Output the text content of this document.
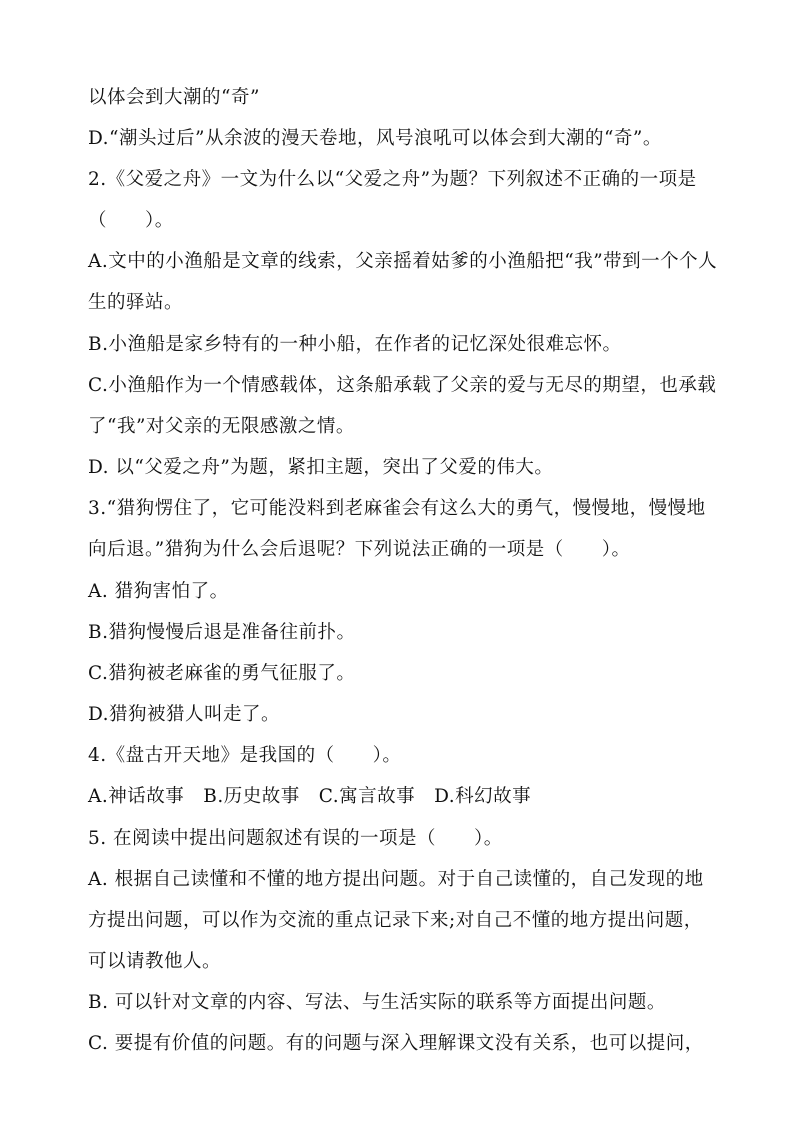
以体会到大潮的“奇”
D.“潮头过后”从余波的漫天卷地，风号浪吼可以体会到大潮的“奇”。
2.《父爱之舟》一文为什么以“父爱之舟”为题？下列叙述不正确的一项是
（　　）。
A.文中的小渔船是文章的线索，父亲摇着姑爹的小渔船把“我”带到一个个人
生的驿站。
B.小渔船是家乡特有的一种小船，在作者的记忆深处很难忘怀。
C.小渔船作为一个情感载体，这条船承载了父亲的爱与无尽的期望，也承载
了“我”对父亲的无限感激之情。
D. 以“父爱之舟”为题，紧扣主题，突出了父爱的伟大。
3.“猎狗愣住了，它可能没料到老麻雀会有这么大的勇气，慢慢地，慢慢地
向后退。”猎狗为什么会后退呢？下列说法正确的一项是（　　）。
A. 猎狗害怕了。
B.猎狗慢慢后退是准备往前扑。
C.猎狗被老麻雀的勇气征服了。
D.猎狗被猎人叫走了。
4.《盘古开天地》是我国的（　　）。
A.神话故事　B.历史故事　C.寓言故事　D.科幻故事
5. 在阅读中提出问题叙述有误的一项是（　　）。
A. 根据自己读懂和不懂的地方提出问题。对于自己读懂的，自己发现的地
方提出问题，可以作为交流的重点记录下来;对自己不懂的地方提出问题，
可以请教他人。
B. 可以针对文章的内容、写法、与生活实际的联系等方面提出问题。
C. 要提有价值的问题。有的问题与深入理解课文没有关系，也可以提问，
